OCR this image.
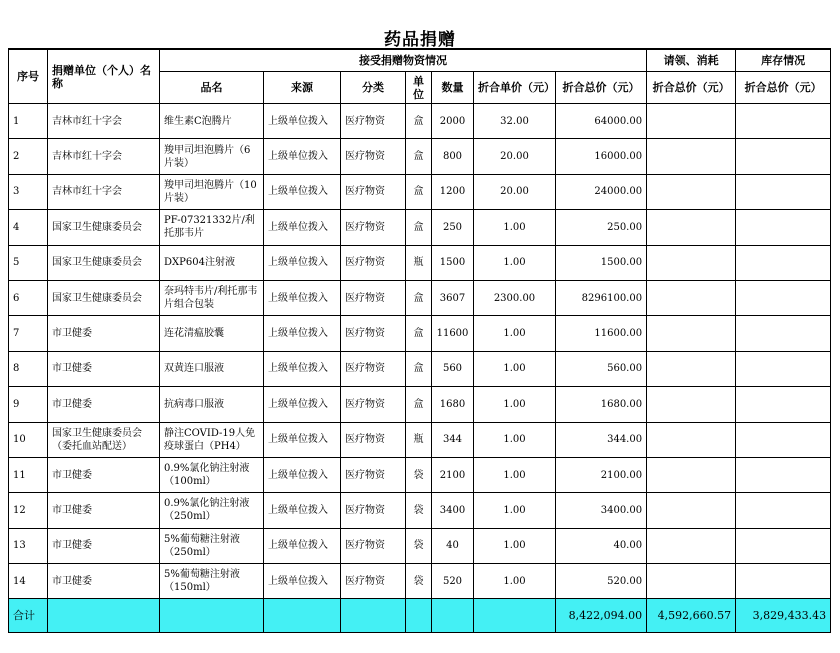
药品捐赠
序号	捐赠单位（个人）名称	接受捐赠物资情况							请领、消耗	库存情况
		品名	来源	分类	单位	数量	折合单价（元）	折合总价（元）	折合总价（元）	折合总价（元）
1	吉林市红十字会	维生素C泡腾片	上级单位拨入	医疗物资	盒	2000	32.00	64000.00		
2	吉林市红十字会	羧甲司坦泡腾片（6片装）	上级单位拨入	医疗物资	盒	800	20.00	16000.00		
3	吉林市红十字会	羧甲司坦泡腾片（10片装）	上级单位拨入	医疗物资	盒	1200	20.00	24000.00		
4	国家卫生健康委员会	PF-07321332片/利托那韦片	上级单位拨入	医疗物资	盒	250	1.00	250.00		
5	国家卫生健康委员会	DXP604注射液	上级单位拨入	医疗物资	瓶	1500	1.00	1500.00		
6	国家卫生健康委员会	奈玛特韦片/利托那韦片组合包装	上级单位拨入	医疗物资	盒	3607	2300.00	8296100.00		
7	市卫健委	连花清瘟胶囊	上级单位拨入	医疗物资	盒	11600	1.00	11600.00		
8	市卫健委	双黄连口服液	上级单位拨入	医疗物资	盒	560	1.00	560.00		
9	市卫健委	抗病毒口服液	上级单位拨入	医疗物资	盒	1680	1.00	1680.00		
10	国家卫生健康委员会（委托血站配送）	静注COVID-19人免疫球蛋白（PH4）	上级单位拨入	医疗物资	瓶	344	1.00	344.00		
11	市卫健委	0.9%氯化钠注射液（100ml）	上级单位拨入	医疗物资	袋	2100	1.00	2100.00		
12	市卫健委	0.9%氯化钠注射液（250ml）	上级单位拨入	医疗物资	袋	3400	1.00	3400.00		
13	市卫健委	5%葡萄糖注射液（250ml）	上级单位拨入	医疗物资	袋	40	1.00	40.00		
14	市卫健委	5%葡萄糖注射液（150ml）	上级单位拨入	医疗物资	袋	520	1.00	520.00		
合计								8,422,094.00	4,592,660.57	3,829,433.43
